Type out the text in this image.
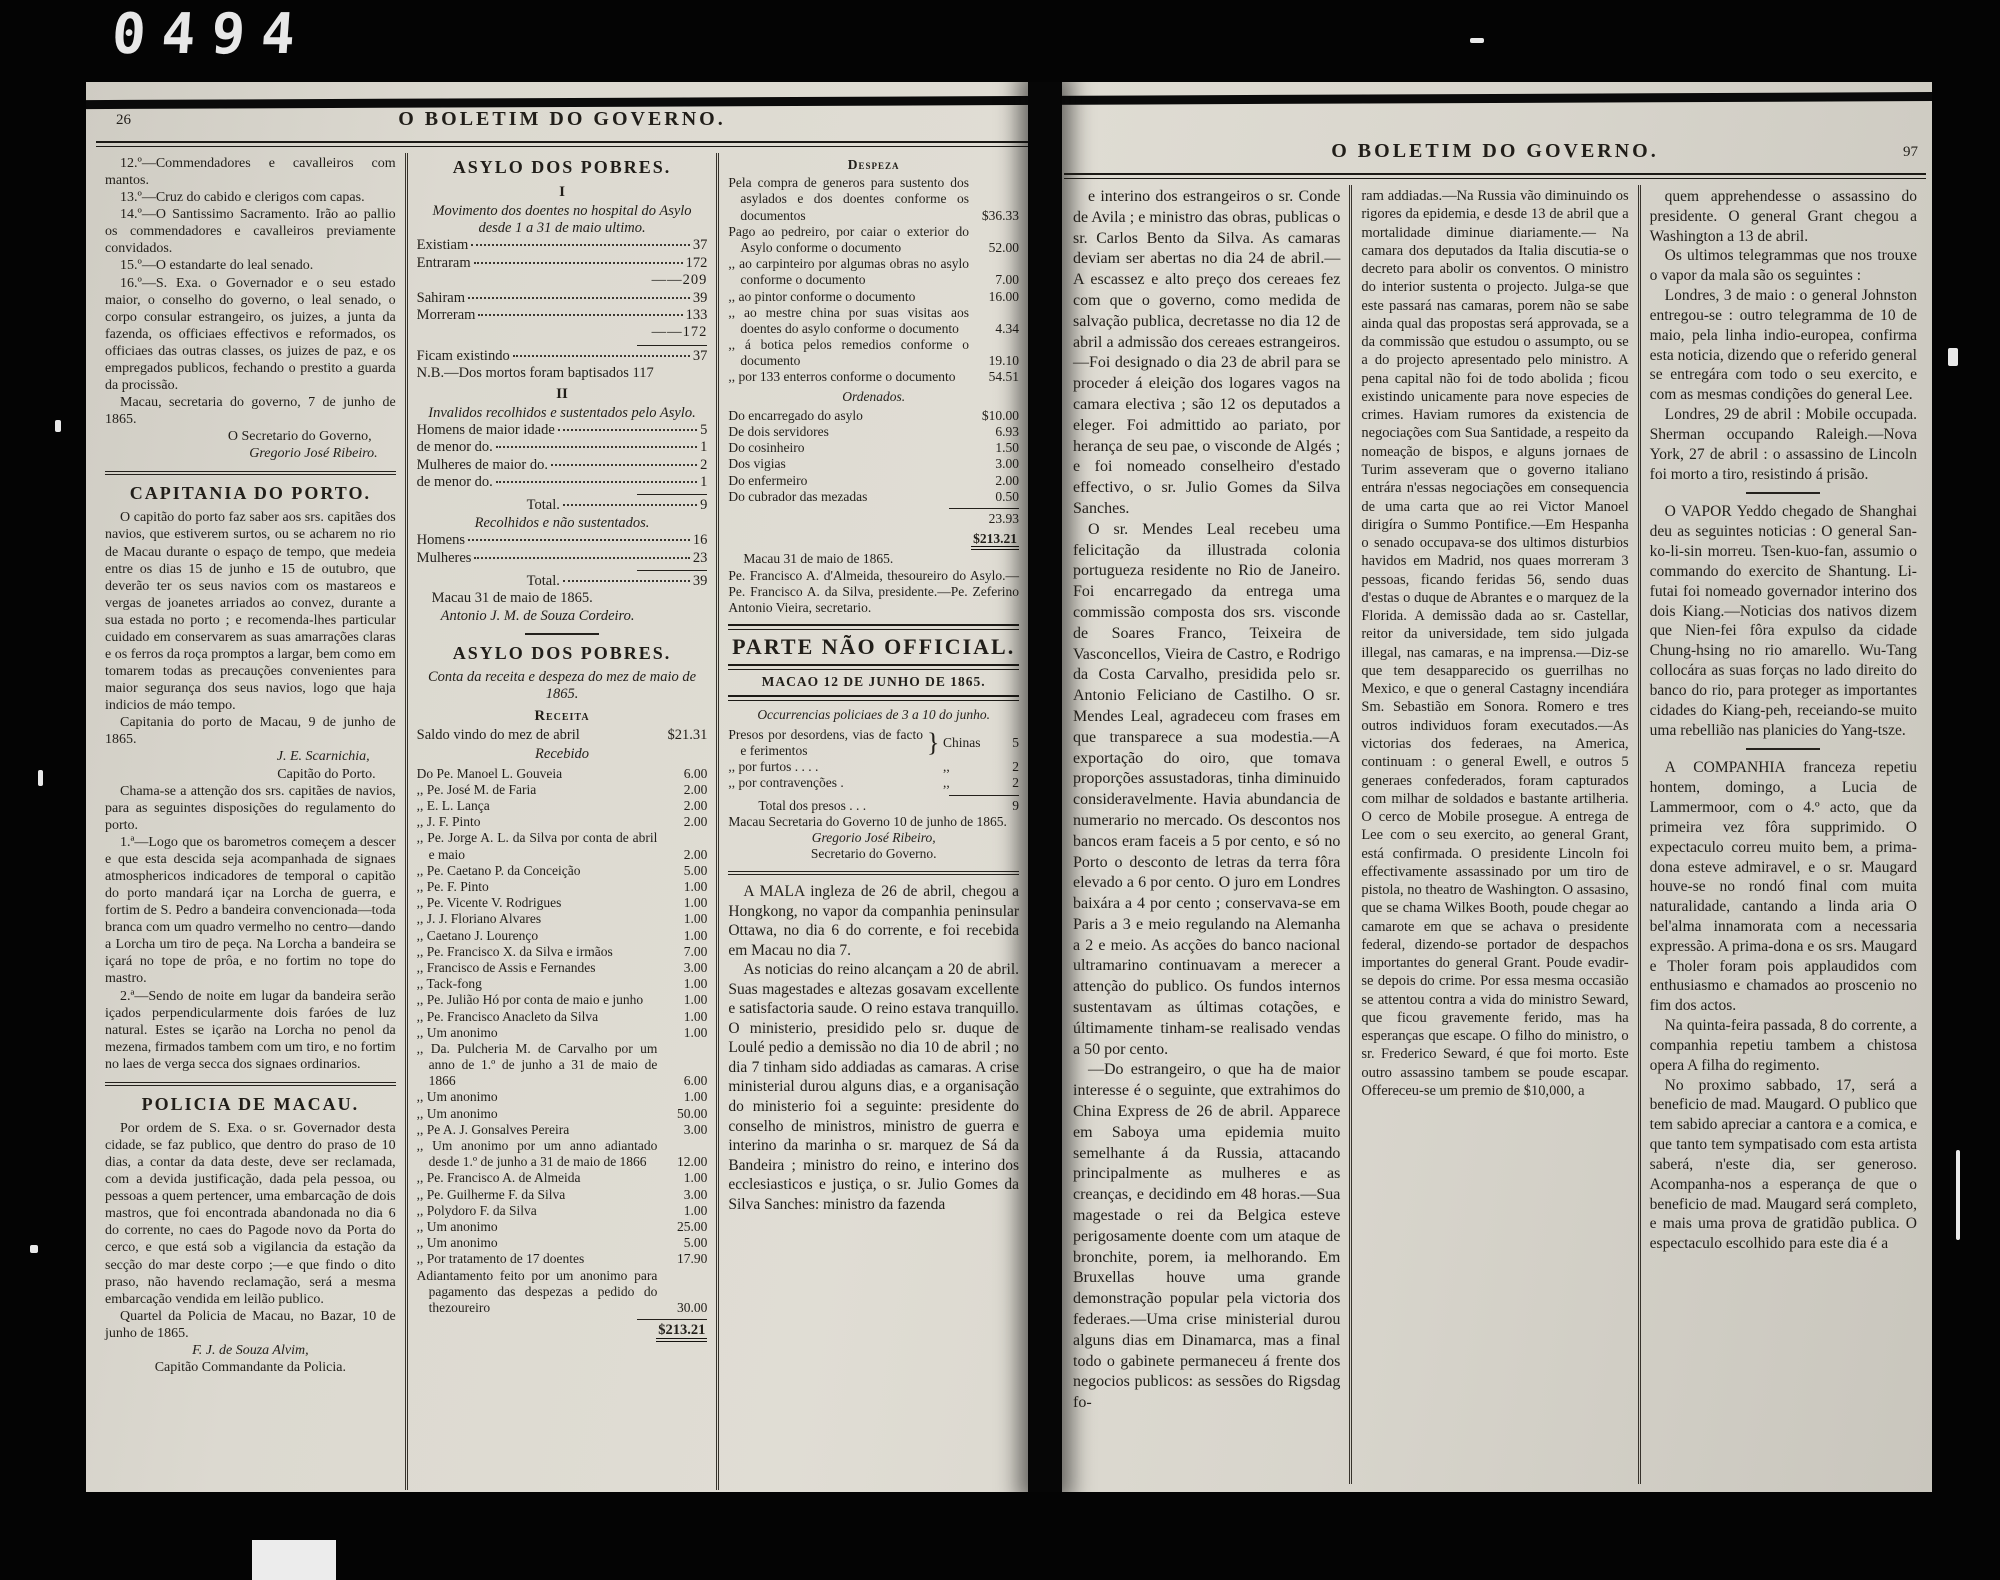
0494
26	O BOLETIM DO GOVERNO.

12.º—Commendadores e cavalleiros com mantos.

13.º—Cruz do cabido e clerigos com capas.

14.º—O Santissimo Sacramento. Irão ao pallio os commendadores e cavalleiros previamente convidados.

15.º—O estandarte do leal senado.

16.º—S. Exa. o Governador e o seu estado maior, o conselho do governo, o leal senado, o corpo consular estrangeiro, os juizes, a junta da fazenda, os officiaes effectivos e reformados, os officiaes das outras classes, os juizes de paz, e os empregados publicos, fechando o prestito a guarda da procissão.

Macau, secretaria do governo, 7 de junho de 1865.

O Secretario do Governo,

Gregorio José Ribeiro.

CAPITANIA DO PORTO.

O capitão do porto faz saber aos srs. capitães dos navios, que estiverem surtos, ou se acharem no rio de Macau durante o espaço de tempo, que medeia entre os dias 15 de junho e 15 de outubro, que deverão ter os seus navios com os mastareos e vergas de joanetes arriados ao convez, durante a sua estada no porto ; e recomenda-lhes particular cuidado em conservarem as suas amarrações claras e os ferros da roça promptos a largar, bem como em tomarem todas as precauções convenientes para maior segurança dos seus navios, logo que haja indicios de máo tempo.

Capitania do porto de Macau, 9 de junho de 1865.

J. E. Scarnichia,

Capitão do Porto.

Chama-se a attenção dos srs. capitães de navios, para as seguintes disposições do regulamento do porto.

1.ª—Logo que os barometros começem a descer e que esta descida seja acompanhada de signaes atmosphericos indicadores de temporal o capitão do porto mandará içar na Lorcha de guerra, e fortim de S. Pedro a bandeira convencionada—toda branca com um quadro vermelho no centro—dando a Lorcha um tiro de peça. Na Lorcha a bandeira se içará no tope de prôa, e no fortim no tope do mastro.

2.ª—Sendo de noite em lugar da bandeira serão içados perpendicularmente dois faróes de luz natural. Estes se içarão na Lorcha no penol da mezena, firmados tambem com um tiro, e no fortim no laes de verga secca dos signaes ordinarios.

POLICIA DE MACAU.

Por ordem de S. Exa. o sr. Governador desta cidade, se faz publico, que dentro do praso de 10 dias, a contar da data deste, deve ser reclamada, com a devida justificação, dada pela pessoa, ou pessoas a quem pertencer, uma embarcação de dois mastros, que foi encontrada abandonada no dia 6 do corrente, no caes do Pagode novo da Porta do cerco, e que está sob a vigilancia da estação da secção do mar deste corpo ;—e que findo o dito praso, não havendo reclamação, será a mesma embarcação vendida em leilão publico.

Quartel da Policia de Macau, no Bazar, 10 de junho de 1865.

F. J. de Souza Alvim,

Capitão Commandante da Policia.

ASYLO DOS POBRES.

I

Movimento dos doentes no hospital do Asylo desde 1 a 31 de maio ultimo.

Existiam	37
Entraram	172

——209

Sahiram	39
Morreram	133

——172

Ficam existindo	37

N.B.—Dos mortos foram baptisados 117

II

Invalidos recolhidos e sustentados pelo Asylo.

Homens de maior idade	5
de menor do.	1
Mulheres de maior do.	2
de menor do.	1
Total.	9

Recolhidos e não sustentados.

Homens	16
Mulheres	23
Total.	39

Macau 31 de maio de 1865.

Antonio J. M. de Souza Cordeiro.

ASYLO DOS POBRES.

Conta da receita e despeza do mez de maio de 1865.

Receita

Saldo vindo do mez de abril	$21.31

Recebido

Do Pe. Manoel L. Gouveia	6.00
,, Pe. José M. de Faria	2.00
,, E. L. Lança	2.00
,, J. F. Pinto	2.00
,, Pe. Jorge A. L. da Silva por conta de abril e maio	2.00
,, Pe. Caetano P. da Conceição	5.00
,, Pe. F. Pinto	1.00
,, Pe. Vicente V. Rodrigues	1.00
,, J. J. Floriano Alvares	1.00
,, Caetano J. Lourenço	1.00
,, Pe. Francisco X. da Silva e irmãos	7.00
,, Francisco de Assis e Fernandes	3.00
,, Tack-fong	1.00
,, Pe. Julião Hó por conta de maio e junho	1.00
,, Pe. Francisco Anacleto da Silva	1.00
,, Um anonimo	1.00
,, Da. Pulcheria M. de Carvalho por um anno de 1.º de junho a 31 de maio de 1866	6.00
,, Um anonimo	1.00
,, Um anonimo	50.00
,, Pe A. J. Gonsalves Pereira	3.00
,, Um anonimo por um anno adiantado desde 1.º de junho a 31 de maio de 1866	12.00
,, Pe. Francisco A. de Almeida	1.00
,, Pe. Guilherme F. da Silva	3.00
,, Polydoro F. da Silva	1.00
,, Um anonimo	25.00
,, Um anonimo	5.00
,, Por tratamento de 17 doentes	17.90
Adiantamento feito por um anonimo para pagamento das despezas a pedido do thezoureiro	30.00

$213.21

Despeza

Pela compra de generos para sustento dos asylados e dos doentes conforme os documentos	$36.33
Pago ao pedreiro, por caiar o exterior do Asylo conforme o documento	52.00
,, ao carpinteiro por algumas obras no asylo conforme o documento	7.00
,, ao pintor conforme o documento	16.00
,, ao mestre china por suas visitas aos doentes do asylo conforme o documento	4.34
,, á botica pelos remedios conforme o documento	19.10
,, por 133 enterros conforme o documento	54.51

Ordenados.

Do encarregado do asylo	$10.00
De dois servidores	6.93
Do cosinheiro	1.50
Dos vigias	3.00
Do enfermeiro	2.00
Do cubrador das mezadas	0.50

23.93

$213.21

Macau 31 de maio de 1865.

Pe. Francisco A. d'Almeida, thesoureiro do Asylo.—Pe. Francisco A. da Silva, presidente.—Pe. Zeferino Antonio Vieira, secretario.

PARTE NÃO OFFICIAL.

MACAO 12 DE JUNHO DE 1865.

Occurrencias policiaes de 3 a 10 do junho.

Presos por desordens, vias de facto e ferimentos	} Chinas	5
,, por furtos . . . .	,,	2
,, por contravenções .	,,	2
Total dos presos . . .	9

Macau Secretaria do Governo 10 de junho de 1865.

Gregorio José Ribeiro,

Secretario do Governo.

A MALA ingleza de 26 de abril, chegou a Hongkong, no vapor da companhia peninsular Ottawa, no dia 6 do corrente, e foi recebida em Macau no dia 7.

As noticias do reino alcançam a 20 de abril. Suas magestades e altezas gosavam excellente e satisfactoria saude. O reino estava tranquillo. O ministerio, presidido pelo sr. duque de Loulé pedio a demissão no dia 10 de abril ; no dia 7 tinham sido addiadas as camaras. A crise ministerial durou alguns dias, e a organisação do ministerio foi a seguinte: presidente do conselho de ministros, ministro de guerra e interino da marinha o sr. marquez de Sá da Bandeira ; ministro do reino, e interino dos ecclesiasticos e justiça, o sr. Julio Gomes da Silva Sanches: ministro da fazenda

O BOLETIM DO GOVERNO.	97

e interino dos estrangeiros o sr. Conde de Avila ; e ministro das obras, publicas o sr. Carlos Bento da Silva. As camaras deviam ser abertas no dia 24 de abril.— A escassez e alto preço dos cereaes fez com que o governo, como medida de salvação publica, decretasse no dia 12 de abril a admissão dos cereaes estrangeiros.—Foi designado o dia 23 de abril para se proceder á eleição dos logares vagos na camara electiva ; são 12 os deputados a eleger. Foi admittido ao pariato, por herança de seu pae, o visconde de Algés ; e foi nomeado conselheiro d'estado effectivo, o sr. Julio Gomes da Silva Sanches.

O sr. Mendes Leal recebeu uma felicitação da illustrada colonia portugueza residente no Rio de Janeiro. Foi encarregado da entrega uma commissão composta dos srs. visconde de Soares Franco, Teixeira de Vasconcellos, Vieira de Castro, e Rodrigo da Costa Carvalho, presidida pelo sr. Antonio Feliciano de Castilho. O sr. Mendes Leal, agradeceu com frases em que transparece a sua modestia.—A exportação do oiro, que tomava proporções assustadoras, tinha diminuido consideravelmente. Havia abundancia de numerario no mercado. Os descontos nos bancos eram faceis a 5 por cento, e só no Porto o desconto de letras da terra fôra elevado a 6 por cento. O juro em Londres baixára a 4 por cento ; conservava-se em Paris a 3 e meio regulando na Alemanha a 2 e meio. As acções do banco nacional ultramarino continuavam a merecer a attenção do publico. Os fundos internos sustentavam as últimas cotações, e últimamente tinham-se realisado vendas a 50 por cento.

—Do estrangeiro, o que ha de maior interesse é o seguinte, que extrahimos do China Express de 26 de abril. Apparece em Saboya uma epidemia muito semelhante á da Russia, attacando principalmente as mulheres e as creanças, e decidindo em 48 horas.—Sua magestade o rei da Belgica esteve perigosamente doente com um ataque de bronchite, porem, ia melhorando. Em Bruxellas houve uma grande demonstração popular pela victoria dos federaes.—Uma crise ministerial durou alguns dias em Dinamarca, mas a final todo o gabinete permaneceu á frente dos negocios publicos: as sessões do Rigsdag fo-

ram addiadas.—Na Russia vão diminuindo os rigores da epidemia, e desde 13 de abril que a mortalidade diminue diariamente.— Na camara dos deputados da Italia discutia-se o decreto para abolir os conventos. O ministro do interior sustenta o projecto. Julga-se que este passará nas camaras, porem não se sabe ainda qual das propostas será approvada, se a da commissão que estudou o assumpto, ou se a do projecto apresentado pelo ministro. A pena capital não foi de todo abolida ; ficou existindo unicamente para nove especies de crimes. Haviam rumores da existencia de negociações com Sua Santidade, a respeito da nomeação de bispos, e alguns jornaes de Turim asseveram que o governo italiano entrára n'essas negociações em consequencia de uma carta que ao rei Victor Manoel dirigíra o Summo Pontifice.—Em Hespanha o senado occupava-se dos ultimos disturbios havidos em Madrid, nos quaes morreram 3 pessoas, ficando feridas 56, sendo duas d'estas o duque de Abrantes e o marquez de la Florida. A demissão dada ao sr. Castellar, reitor da universidade, tem sido julgada illegal, nas camaras, e na imprensa.—Diz-se que tem desapparecido os guerrilhas no Mexico, e que o general Castagny incendiára Sm. Sebastião em Sonora. Romero e tres outros individuos foram executados.—As victorias dos federaes, na America, continuam : o general Ewell, e outros 5 generaes confederados, foram capturados com milhar de soldados e bastante artilheria. O cerco de Mobile prosegue. A entrega de Lee com o seu exercito, ao general Grant, está confirmada. O presidente Lincoln foi effectivamente assassinado por um tiro de pistola, no theatro de Washington. O assasino, que se chama Wilkes Booth, poude chegar ao camarote em que se achava o presidente federal, dizendo-se portador de despachos importantes do general Grant. Poude evadir-se depois do crime. Por essa mesma occasião se attentou contra a vida do ministro Seward, que ficou gravemente ferido, mas ha esperanças que escape. O filho do ministro, o sr. Frederico Seward, é que foi morto. Este outro assassino tambem se poude escapar. Offereceu-se um premio de $10,000, a

quem apprehendesse o assassino do presidente. O general Grant chegou a Washington a 13 de abril.

Os ultimos telegrammas que nos trouxe o vapor da mala são os seguintes :

Londres, 3 de maio : o general Johnston entregou-se : outro telegramma de 10 de maio, pela linha indio-europea, confirma esta noticia, dizendo que o referido general se entregára com todo o seu exercito, e com as mesmas condições do general Lee.

Londres, 29 de abril : Mobile occupada. Sherman occupando Raleigh.—Nova York, 27 de abril : o assassino de Lincoln foi morto a tiro, resistindo á prisão.

O VAPOR Yeddo chegado de Shanghai deu as seguintes noticias : O general San-ko-li-sin morreu. Tsen-kuo-fan, assumio o commando do exercito de Shantung. Li-futai foi nomeado governador interino dos dois Kiang.—Noticias dos nativos dizem que Nien-fei fôra expulso da cidade Chung-hsing no rio amarello. Wu-Tang collocára as suas forças no lado direito do banco do rio, para proteger as importantes cidades do Kiang-peh, receiando-se muito uma rebellião nas planicies do Yang-tsze.

A COMPANHIA franceza repetiu hontem, domingo, a Lucia de Lammermoor, com o 4.º acto, que da primeira vez fôra supprimido. O expectaculo correu muito bem, a prima-dona esteve admiravel, e o sr. Maugard houve-se no rondó final com muita naturalidade, cantando a linda aria O bel'alma innamorata com a necessaria expressão. A prima-dona e os srs. Maugard e Tholer foram pois applaudidos com enthusiasmo e chamados ao proscenio no fim dos actos.

Na quinta-feira passada, 8 do corrente, a companhia repetiu tambem a chistosa opera A filha do regimento.

No proximo sabbado, 17, será a beneficio de mad. Maugard. O publico que tem sabido apreciar a cantora e a comica, e que tanto tem sympatisado com esta artista saberá, n'este dia, ser generoso. Acompanha-nos a esperança de que o beneficio de mad. Maugard será completo, e mais uma prova de gratidão publica. O espectaculo escolhido para este dia é a
